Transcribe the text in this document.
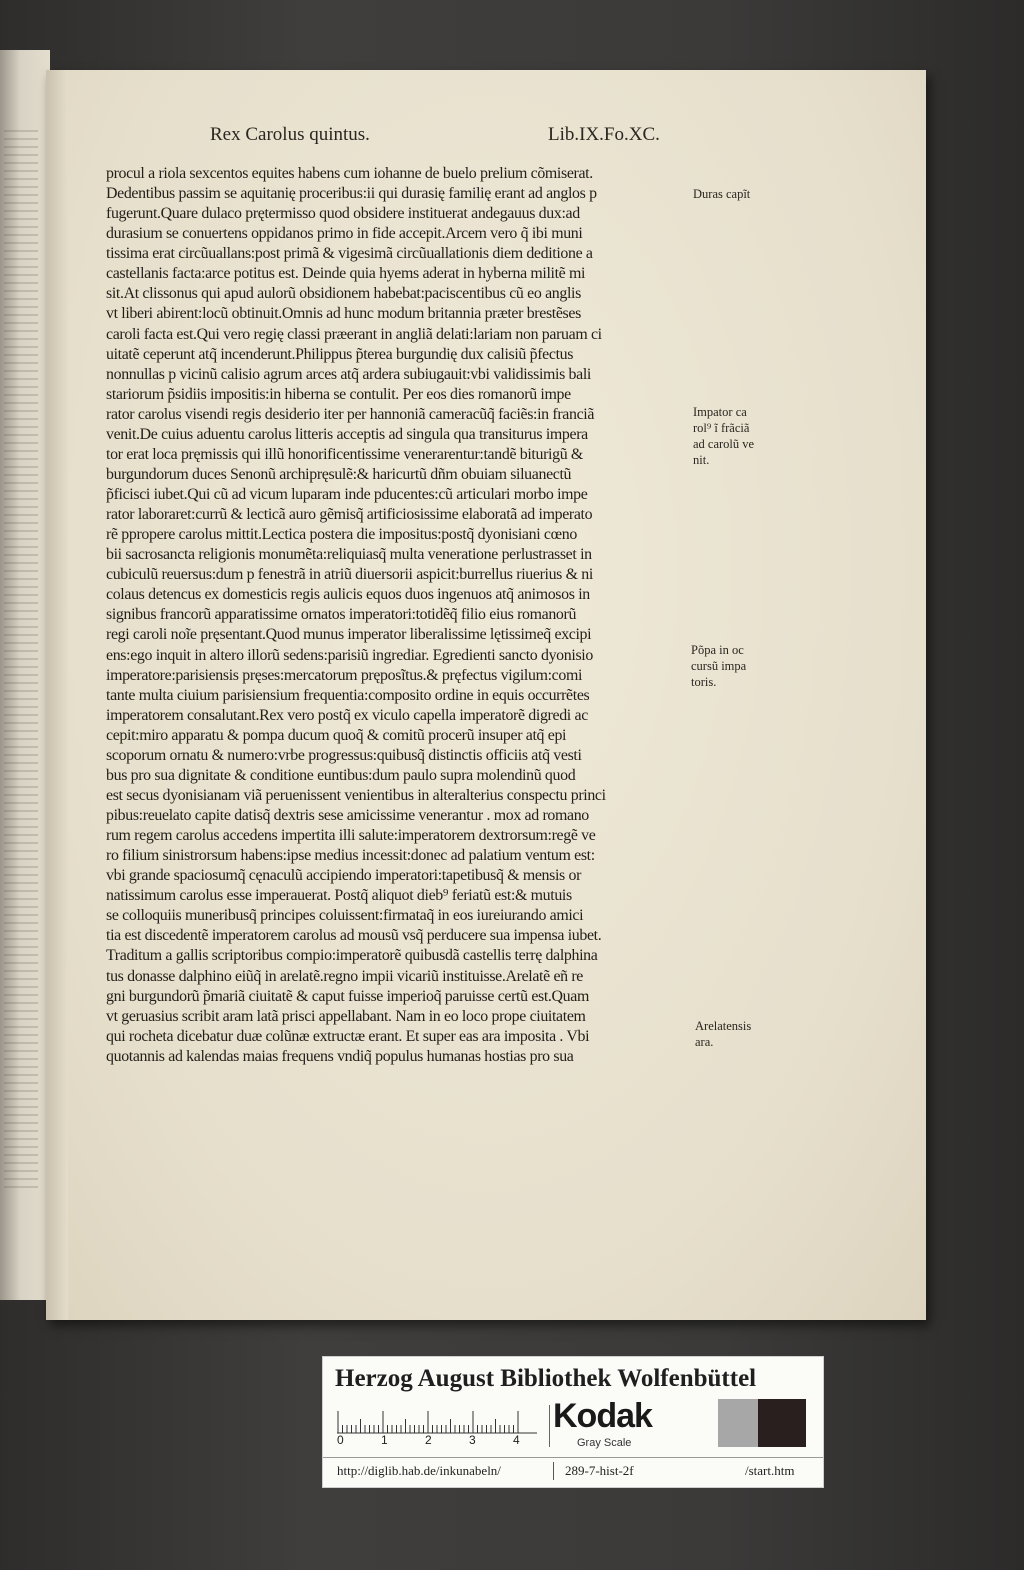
Rex Carolus quintus.	Lib.IX.Fo.XC.
procul a riola sexcentos equites habens cum iohanne de buelo prelium cõmiserat.
Dedentibus passim se aquitanię proceribus:ii qui durasię familię erant ad anglos p
fugerunt.Quare dulaco prętermisso quod obsidere instituerat andegauus dux:ad
durasium se conuertens oppidanos primo in fide accepit.Arcem vero q̃ ibi muni
tissima erat circũuallans:post primã & vigesimã circũuallationis diem deditione a
castellanis facta:arce potitus est. Deinde quia hyems aderat in hyberna militẽ mi
sit.At clissonus qui apud aulorũ obsidionem habebat:paciscentibus cũ eo anglis
vt liberi abirent:locũ obtinuit.Omnis ad hunc modum britannia prӕter brestẽses
caroli facta est.Qui vero regię classi prӕerant in angliã delati:lariam non paruam ci
uitatẽ ceperunt atq̃ incenderunt.Philippus p̃terea burgundię dux calisiũ p̃fectus
nonnullas p vicinũ calisio agrum arces atq̃ ardera subiugauit:vbi validissimis bali
stariorum p̃sidiis impositis:in hiberna se contulit. Per eos dies romanorũ impe
rator carolus visendi regis desiderio iter per hannoniã cameracũq̃ faciẽs:in franciã
venit.De cuius aduentu carolus litteris acceptis ad singula qua transiturus impera
tor erat loca pręmissis qui illũ honorificentissime venerarentur:tandẽ biturigũ &
burgundorum duces Senonũ archipręsulẽ:& haricurtũ dñm obuiam siluanectũ
p̃ficisci iubet.Qui cũ ad vicum luparam inde pducentes:cũ articulari morbo impe
rator laboraret:currũ & lecticã auro gẽmisq̃ artificiosissime elaboratã ad imperato
rẽ ppropere carolus mittit.Lectica postera die impositus:postq̃ dyonisiani cœno
bii sacrosancta religionis monumẽta:reliquiasq̃ multa veneratione perlustrasset in
cubiculũ reuersus:dum p fenestrã in atriũ diuersorii aspicit:burrellus riuerius & ni
colaus detencus ex domesticis regis aulicis equos duos ingenuos atq̃ animosos in
signibus francorũ apparatissime ornatos imperatori:totidẽq̃ filio eius romanorũ
regi caroli noĩe pręsentant.Quod munus imperator liberalissime lętissimeq̃ excipi
ens:ego inquit in altero illorũ sedens:parisiũ ingrediar. Egredienti sancto dyonisio
imperatore:parisiensis pręses:mercatorum pręposĩtus.& pręfectus vigilum:comi
tante multa ciuium parisiensium frequentia:composito ordine in equis occurrẽtes
imperatorem consalutant.Rex vero postq̃ ex viculo capella imperatorẽ digredi ac
cepit:miro apparatu & pompa ducum quoq̃ & comitũ procerũ insuper atq̃ epi
scoporum ornatu & numero:vrbe progressus:quibusq̃ distinctis officiis atq̃ vesti
bus pro sua dignitate & conditione euntibus:dum paulo supra molendinũ quod
est secus dyonisianam viã peruenissent venientibus in alteralterius conspectu princi
pibus:reuelato capite datisq̃ dextris sese amicissime venerantur . mox ad romano
rum regem carolus accedens impertita illi salute:imperatorem dextrorsum:regẽ ve
ro filium sinistrorsum habens:ipse medius incessit:donec ad palatium ventum est:
vbi grande spaciosumq̃ cęnaculũ accipiendo imperatori:tapetibusq̃ & mensis or
natissimum carolus esse imperauerat. Postq̃ aliquot dieb⁹ feriatũ est:& mutuis
se colloquiis muneribusq̃ principes coluissent:firmataq̃ in eos iureiurando amici
tia est discedentẽ imperatorem carolus ad mousũ vsq̃ perducere sua impensa iubet.
Traditum a gallis scriptoribus compio:imperatorẽ quibusdã castellis terrę dalphina
tus donasse dalphino eiũq̃ in arelatẽ.regno impii vicariũ instituisse.Arelatẽ eñ re
gni burgundorũ p̃mariã ciuitatẽ & caput fuisse imperioq̃ paruisse certũ est.Quam
vt geruasius scribit aram latã prisci appellabant. Nam in eo loco prope ciuitatem
qui rocheta dicebatur duӕ colũnӕ extructӕ erant. Et super eas ara imposita . Vbi
quotannis ad kalendas maias frequens vndiq̃ populus humanas hostias pro sua
Duras capĩt
Impator ca
rol⁹ ĩ frãciã
ad carolũ ve
nit.
Põpa in oc
cursũ impa
toris.
Arelatensis
ara.
Herzog August Bibliothek Wolfenbüttel
0	1	2	3	4
Kodak
Gray Scale
http://diglib.hab.de/inkunabeln/	289-7-hist-2f	/start.htm
